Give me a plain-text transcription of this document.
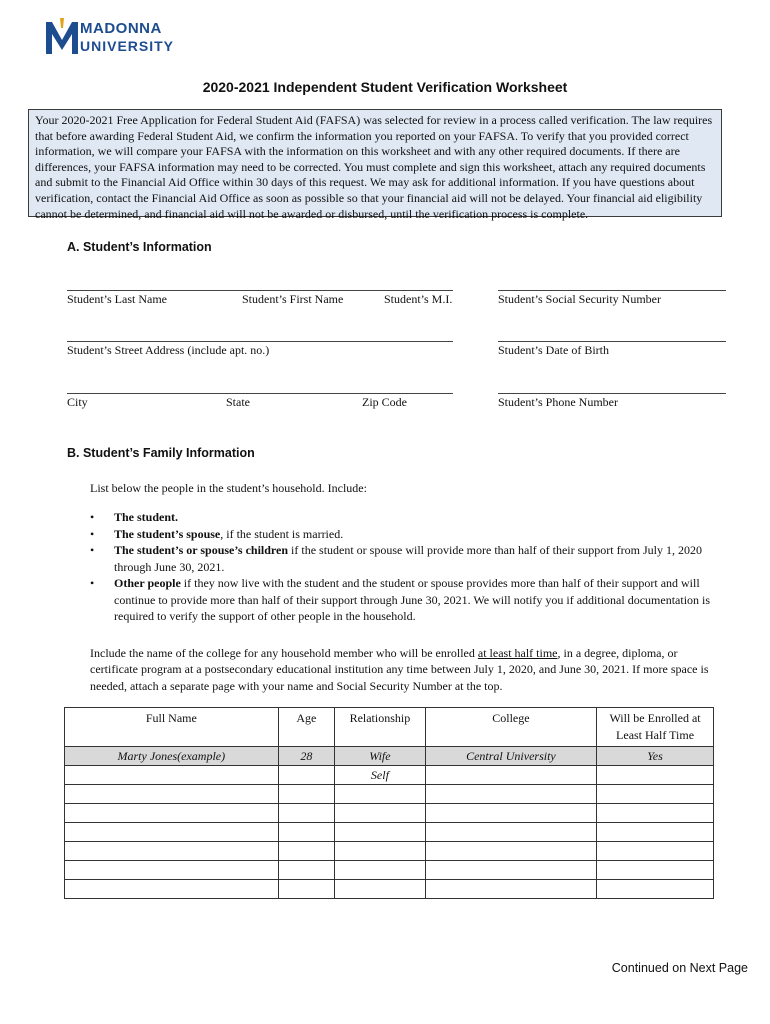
MADONNA
UNIVERSITY
2020-2021 Independent Student Verification Worksheet
Your 2020-2021 Free Application for Federal Student Aid (FAFSA) was selected for review in a process called verification. The law requires that before awarding Federal Student Aid, we confirm the information you reported on your FAFSA. To verify that you provided correct information, we will compare your FAFSA with the information on this worksheet and with any other required documents. If there are differences, your FAFSA information may need to be corrected. You must complete and sign this worksheet, attach any required documents and submit to the Financial Aid Office within 30 days of this request. We may ask for additional information. If you have questions about verification, contact the Financial Aid Office as soon as possible so that your financial aid will not be delayed. Your financial aid eligibility cannot be determined, and financial aid will not be awarded or disbursed, until the verification process is complete.
A. Student’s Information
Student’s Last Name	Student’s First Name	Student’s M.I.	Student’s Social Security Number
Student’s Street Address (include apt. no.)	Student’s Date of Birth
City	State	Zip Code	Student’s Phone Number
B. Student’s Family Information
List below the people in the student’s household. Include:
• The student.
• The student’s spouse, if the student is married.
• The student’s or spouse’s children if the student or spouse will provide more than half of their support from July 1, 2020 through June 30, 2021.
• Other people if they now live with the student and the student or spouse provides more than half of their support and will continue to provide more than half of their support through June 30, 2021. We will notify you if additional documentation is required to verify the support of other people in the household.
Include the name of the college for any household member who will be enrolled at least half time, in a degree, diploma, or certificate program at a postsecondary educational institution any time between July 1, 2020, and June 30, 2021. If more space is needed, attach a separate page with your name and Social Security Number at the top.
Full Name	Age	Relationship	College	Will be Enrolled at Least Half Time
Marty Jones(example)	28	Wife	Central University	Yes
		Self		

Continued on Next Page
